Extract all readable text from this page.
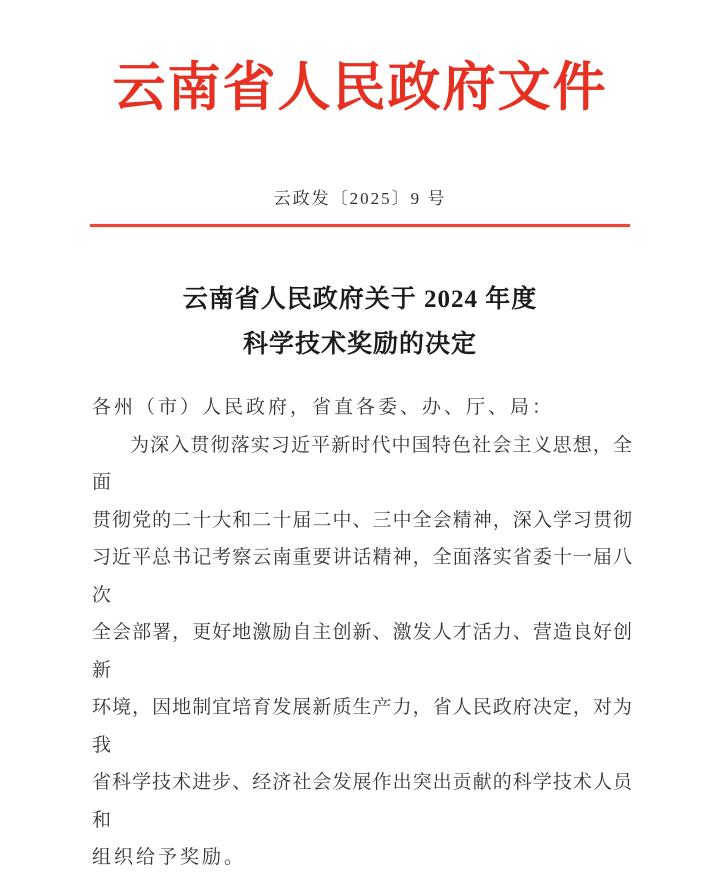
云南省人民政府文件
云政发〔2025〕9 号
云南省人民政府关于 2024 年度
科学技术奖励的决定
各州（市）人民政府，省直各委、办、厅、局：
为深入贯彻落实习近平新时代中国特色社会主义思想，全面
贯彻党的二十大和二十届二中、三中全会精神，深入学习贯彻
习近平总书记考察云南重要讲话精神，全面落实省委十一届八次
全会部署，更好地激励自主创新、激发人才活力、营造良好创新
环境，因地制宜培育发展新质生产力，省人民政府决定，对为我
省科学技术进步、经济社会发展作出突出贡献的科学技术人员和
组织给予奖励。
